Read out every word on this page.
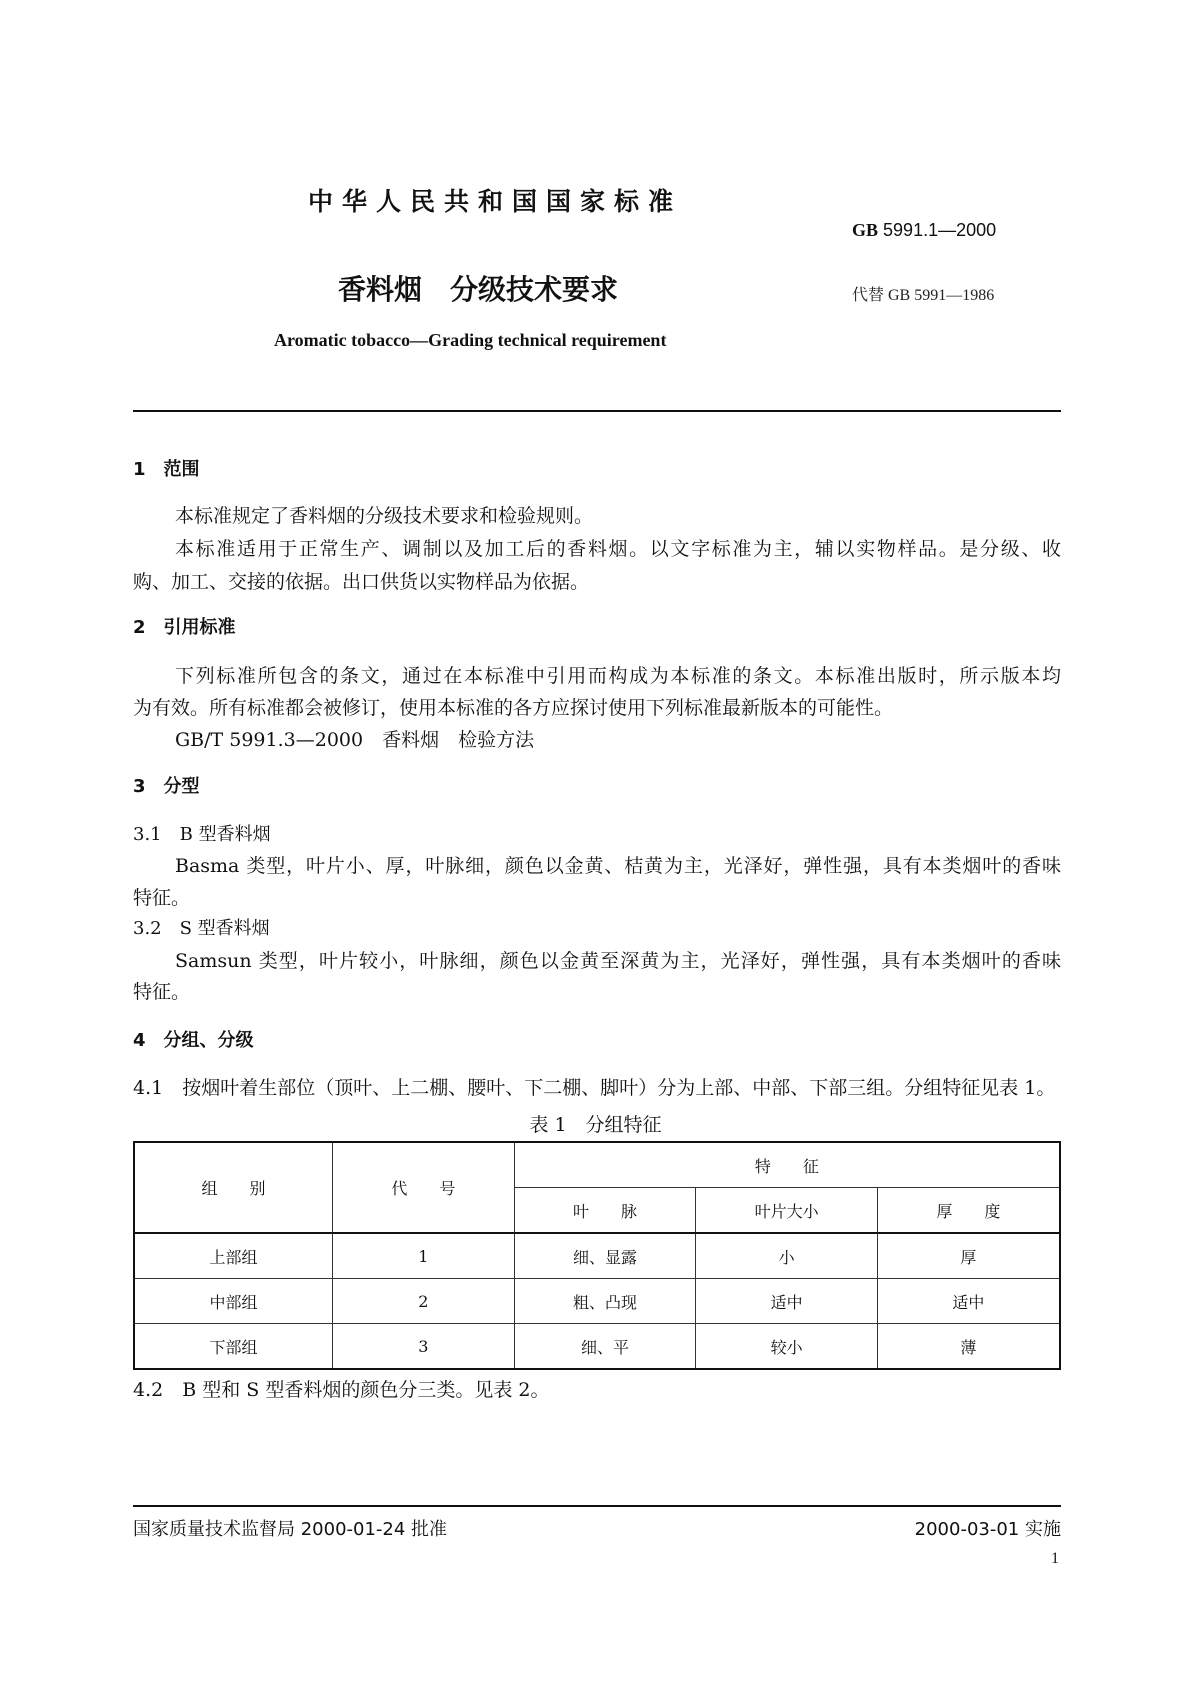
中华人民共和国国家标准
GB 5991.1—2000
香料烟　分级技术要求	代替 GB 5991—1986
Aromatic tobacco—Grading technical requirement
1　范围
本标准规定了香料烟的分级技术要求和检验规则。
本标准适用于正常生产、调制以及加工后的香料烟。以文字标准为主，辅以实物样品。是分级、收
购、加工、交接的依据。出口供货以实物样品为依据。
2　引用标准
下列标准所包含的条文，通过在本标准中引用而构成为本标准的条文。本标准出版时，所示版本均
为有效。所有标准都会被修订，使用本标准的各方应探讨使用下列标准最新版本的可能性。
GB/T 5991.3—2000　香料烟　检验方法
3　分型
3.1　B 型香料烟
Basma 类型，叶片小、厚，叶脉细，颜色以金黄、桔黄为主，光泽好，弹性强，具有本类烟叶的香味
特征。
3.2　S 型香料烟
Samsun 类型，叶片较小，叶脉细，颜色以金黄至深黄为主，光泽好，弹性强，具有本类烟叶的香味
特征。
4　分组、分级
4.1　按烟叶着生部位（顶叶、上二棚、腰叶、下二棚、脚叶）分为上部、中部、下部三组。分组特征见表 1。
表 1　分组特征
组　　别	代　　号	特　　征		
		叶　　脉	叶片大小	厚　　度
上部组	1	细、显露	小	厚
中部组	2	粗、凸现	适中	适中
下部组	3	细、平	较小	薄
4.2　B 型和 S 型香料烟的颜色分三类。见表 2。
国家质量技术监督局 2000-01-24 批准	2000-03-01 实施
1
